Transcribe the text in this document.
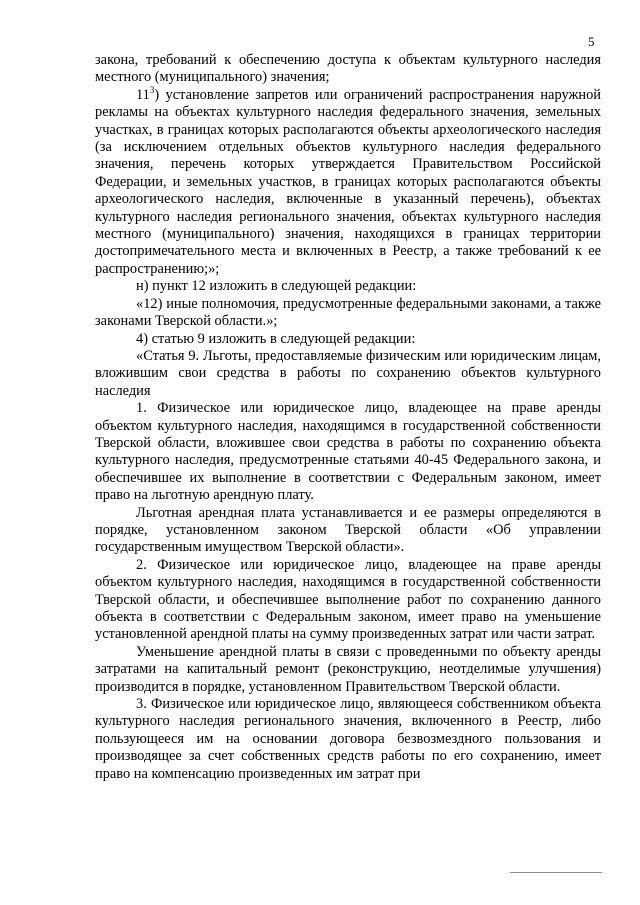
5

закона, требований к обеспечению доступа к объектам культурного наследия местного (муниципального) значения;

$11^3$) установление запретов или ограничений распространения наружной рекламы на объектах культурного наследия федерального значения, земельных участках, в границах которых располагаются объекты археологического наследия (за исключением отдельных объектов культурного наследия федерального значения, перечень которых утверждается Правительством Российской Федерации, и земельных участков, в границах которых располагаются объекты археологического наследия, включенные в указанный перечень), объектах культурного наследия регионального значения, объектах культурного наследия местного (муниципального) значения, находящихся в границах территории достопримечательного места и включенных в Реестр, а также требований к ее распространению;»;

н) пункт 12 изложить в следующей редакции:

«12) иные полномочия, предусмотренные федеральными законами, а также законами Тверской области.»;

4) статью 9 изложить в следующей редакции:

«Статья 9. Льготы, предоставляемые физическим или юридическим лицам, вложившим свои средства в работы по сохранению объектов культурного наследия

1. Физическое или юридическое лицо, владеющее на праве аренды объектом культурного наследия, находящимся в государственной собственности Тверской области, вложившее свои средства в работы по сохранению объекта культурного наследия, предусмотренные статьями 40-45 Федерального закона, и обеспечившее их выполнение в соответствии с Федеральным законом, имеет право на льготную арендную плату.

Льготная арендная плата устанавливается и ее размеры определяются в порядке, установленном законом Тверской области «Об управлении государственным имуществом Тверской области».

2. Физическое или юридическое лицо, владеющее на праве аренды объектом культурного наследия, находящимся в государственной собственности Тверской области, и обеспечившее выполнение работ по сохранению данного объекта в соответствии с Федеральным законом, имеет право на уменьшение установленной арендной платы на сумму произведенных затрат или части затрат.

Уменьшение арендной платы в связи с проведенными по объекту аренды затратами на капитальный ремонт (реконструкцию, неотделимые улучшения) производится в порядке, установленном Правительством Тверской области.

3. Физическое или юридическое лицо, являющееся собственником объекта культурного наследия регионального значения, включенного в Реестр, либо пользующееся им на основании договора безвозмездного пользования и производящее за счет собственных средств работы по его сохранению, имеет право на компенсацию произведенных им затрат при
